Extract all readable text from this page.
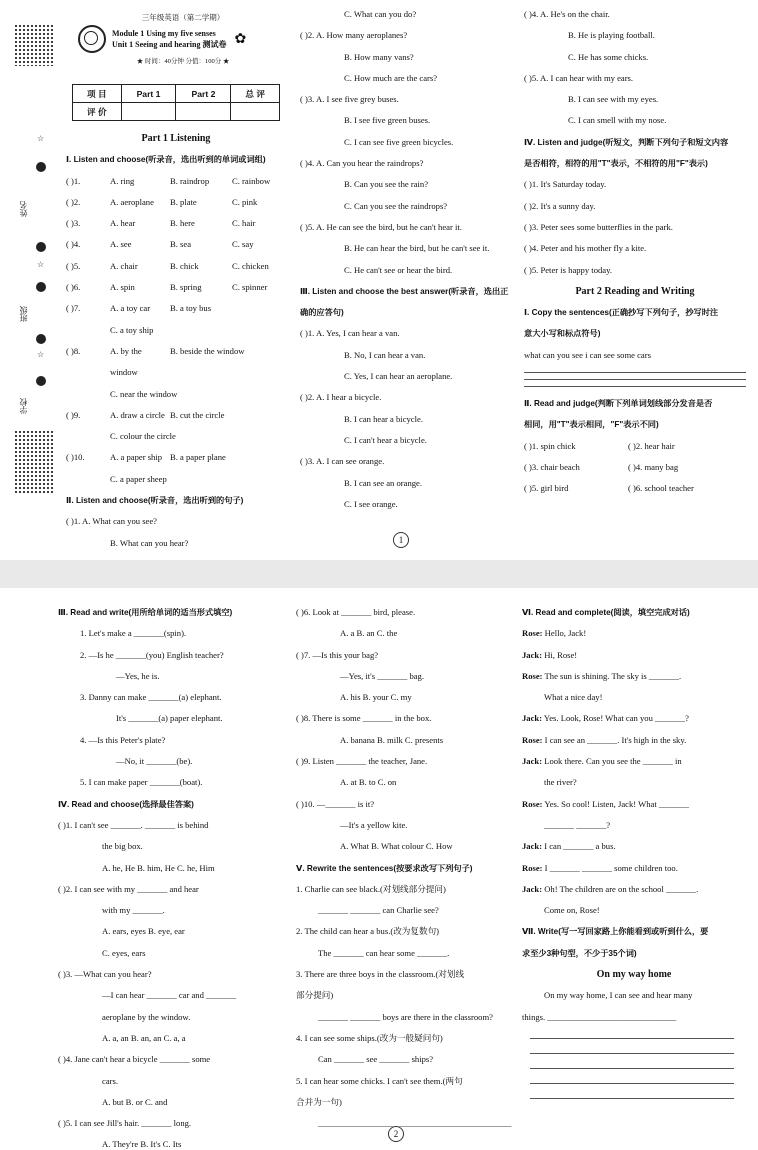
☆
姓名
☆
班级
☆
学校
三年级英语（第二学期）
Module 1 Using my five senses
Unit 1 Seeing and hearing 测试卷 ✿
★ 时间：40分钟 分值：100分 ★
项 目	Part 1	Part 2	总 评
评 价			

Part 1 Listening

Ⅰ. Listen and choose(听录音，选出听到的单词或词组)

( )1.	A. ring	B. raindrop	C. rainbow
( )2.	A. aeroplane	B. plate	C. pink
( )3.	A. hear	B. here	C. hair
( )4.	A. see	B. sea	C. say
( )5.	A. chair	B. chick	C. chicken
( )6.	A. spin	B. spring	C. spinner
( )7.	A. a toy car	B. a toy bus
C. a toy ship
( )8.	A. by the window
B. beside the window
C. near the window
( )9.	A. draw a circle B. cut the circle
C. colour the circle
( )10.	A. a paper ship B. a paper plane
C. a paper sheep

Ⅱ. Listen and choose(听录音，选出听到的句子)

( )1. A. What can you see?

B. What can you hear?

C. What can you do?

( )2. A. How many aeroplanes?

B. How many vans?

C. How much are the cars?

( )3. A. I see five grey buses.

B. I see five green buses.

C. I can see five green bicycles.

( )4. A. Can you hear the raindrops?

B. Can you see the rain?

C. Can you see the raindrops?

( )5. A. He can see the bird, but he can't hear it.

B. He can hear the bird, but he can't see it.

C. He can't see or hear the bird.

Ⅲ. Listen and choose the best answer(听录音，选出正

确的应答句)

( )1. A. Yes, I can hear a van.

B. No, I can hear a van.

C. Yes, I can hear an aeroplane.

( )2. A. I hear a bicycle.

B. I can hear a bicycle.

C. I can't hear a bicycle.

( )3. A. I can see orange.

B. I can see an orange.

C. I see orange.

( )4. A. He's on the chair.

B. He is playing football.

C. He has some chicks.

( )5. A. I can hear with my ears.

B. I can see with my eyes.

C. I can smell with my nose.

Ⅳ. Listen and judge(听短文，判断下列句子和短文内容

是否相符，相符的用"T"表示，不相符的用"F"表示)

( )1. It's Saturday today.

( )2. It's a sunny day.

( )3. Peter sees some butterflies in the park.

( )4. Peter and his mother fly a kite.

( )5. Peter is happy today.

Part 2 Reading and Writing

Ⅰ. Copy the sentences(正确抄写下列句子，抄写时注

意大小写和标点符号)

what can you see i can see some cars

Ⅱ. Read and judge(判断下列单词划线部分发音是否

相同，用"T"表示相同，"F"表示不同)

( )1. spin chick	( )2. hear hair
( )3. chair beach	( )4. many bag
( )5. girl bird	( )6. school teacher
1

Ⅲ. Read and write(用所给单词的适当形式填空)

1. Let's make a _______(spin).

2. —Is he _______(you) English teacher?

—Yes, he is.

3. Danny can make _______(a) elephant.

It's _______(a) paper elephant.

4. —Is this Peter's plate?

—No, it _______(be).

5. I can make paper _______(boat).

Ⅳ. Read and choose(选择最佳答案)

( )1. I can't see _______. _______ is behind

the big box.

A. he, He B. him, He C. he, Him

( )2. I can see with my _______ and hear

with my _______.

A. ears, eyes B. eye, ear

C. eyes, ears

( )3. —What can you hear?

—I can hear _______ car and _______

aeroplane by the window.

A. a, an B. an, an C. a, a

( )4. Jane can't hear a bicycle _______ some

cars.

A. but B. or C. and

( )5. I can see Jill's hair. _______ long.

A. They're B. It's C. Its

( )6. Look at _______ bird, please.

A. a B. an C. the

( )7. —Is this your bag?

—Yes, it's _______ bag.

A. his B. your C. my

( )8. There is some _______ in the box.

A. banana B. milk C. presents

( )9. Listen _______ the teacher, Jane.

A. at B. to C. on

( )10. —_______ is it?

—It's a yellow kite.

A. What B. What colour C. How

Ⅴ. Rewrite the sentences(按要求改写下列句子)

1. Charlie can see black.(对划线部分提问)

_______ _______ can Charlie see?

2. The child can hear a bus.(改为复数句)

The _______ can hear some _______.

3. There are three boys in the classroom.(对划线

部分提问)

_______ _______ boys are there in the classroom?

4. I can see some ships.(改为一般疑问句)

Can _______ see _______ ships?

5. I can hear some chicks. I can't see them.(两句

合并为一句)

_____________________________________________

Ⅵ. Read and complete(阅读，填空完成对话)

Rose: Hello, Jack!

Jack: Hi, Rose!

Rose: The sun is shining. The sky is _______.

What a nice day!

Jack: Yes. Look, Rose! What can you _______?

Rose: I can see an _______. It's high in the sky.

Jack: Look there. Can you see the _______ in

the river?

Rose: Yes. So cool! Listen, Jack! What _______

_______ _______?

Jack: I can _______ a bus.

Rose: I _______ _______ some children too.

Jack: Oh! The children are on the school _______.

Come on, Rose!

Ⅶ. Write(写一写回家路上你能看到或听到什么，要

求至少3种句型，不少于35个词)

On my way home

On my way home, I can see and hear many

things. ______________________________

2
